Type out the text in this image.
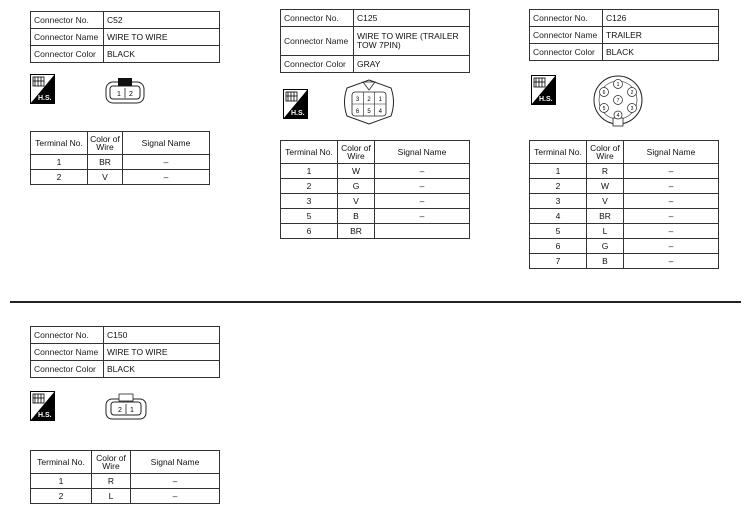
Connector No.	C52
Connector Name	WIRE TO WIRE
Connector Color	BLACK
H.S.
1 2
Terminal No.	Color of Wire	Signal Name
1	BR	–
2	V	–
Connector No.	C125
Connector Name	WIRE TO WIRE (TRAILER TOW 7PIN)
Connector Color	GRAY
H.S.
3 2 1
6 5 4
Terminal No.	Color of Wire	Signal Name
1	W	–
2	G	–
3	V	–
5	B	–
6	BR	
Connector No.	C126
Connector Name	TRAILER
Connector Color	BLACK
H.S.
1
2
3
4
5
6
7
Terminal No.	Color of Wire	Signal Name
1	R	–
2	W	–
3	V	–
4	BR	–
5	L	–
6	G	–
7	B	–
Connector No.	C150
Connector Name	WIRE TO WIRE
Connector Color	BLACK
H.S.
2 1
Terminal No.	Color of Wire	Signal Name
1	R	–
2	L	–
